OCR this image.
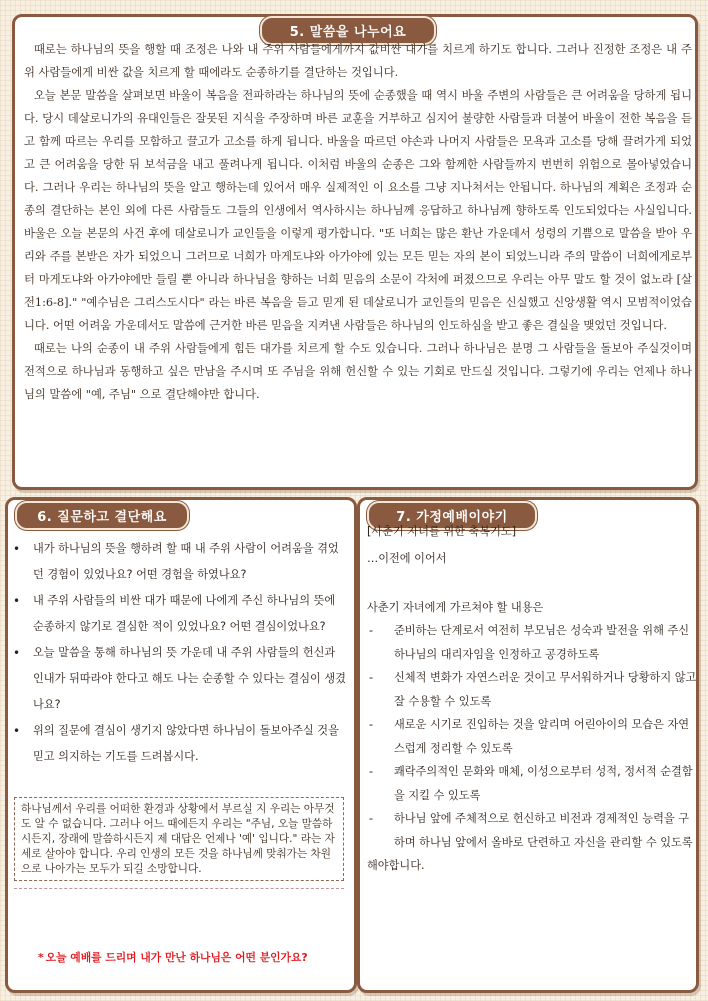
5. 말씀을 나누어요

때로는 하나님의 뜻을 행할 때 조정은 나와 내 주위 사람들에게까지 값비싼 대가를 치르게 하기도 합니다. 그러나 진정한 조정은 내 주위 사람들에게 비싼 값을 치르게 할 때에라도 순종하기를 결단하는 것입니다.

오늘 본문 말씀을 살펴보면 바울이 복음을 전파하라는 하나님의 뜻에 순종했을 때 역시 바울 주변의 사람들은 큰 어려움을 당하게 됩니다. 당시 데살로니가의 유대인들은 잘못된 지식을 주장하며 바른 교훈을 거부하고 심지어 불량한 사람들과 더불어 바울이 전한 복음을 듣고 함께 따르는 우리를 모함하고 끌고가 고소를 하게 됩니다. 바울을 따르던 야손과 나머지 사람들은 모욕과 고소를 당해 끌려가게 되었고 큰 어려움을 당한 뒤 보석금을 내고 풀려나게 됩니다. 이처럼 바울의 순종은 그와 함께한 사람들까지 번번히 위험으로 몰아넣었습니다. 그러나 우리는 하나님의 뜻을 알고 행하는데 있어서 매우 실제적인 이 요소를 그냥 지나쳐서는 안됩니다. 하나님의 계획은 조정과 순종의 결단하는 본인 외에 다른 사람들도 그들의 인생에서 역사하시는 하나님께 응답하고 하나님께 향하도록 인도되었다는 사실입니다. 바울은 오늘 본문의 사건 후에 데살로니가 교인들을 이렇게 평가합니다. "또 너희는 많은 환난 가운데서 성령의 기쁨으로 말씀을 받아 우리와 주를 본받은 자가 되었으니 그러므로 너희가 마게도냐와 아가야에 있는 모든 믿는 자의 본이 되었느니라 주의 말씀이 너희에게로부터 마게도냐와 아가야에만 들릴 뿐 아니라 하나님을 향하는 너희 믿음의 소문이 각처에 퍼졌으므로 우리는 아무 말도 할 것이 없노라 [살전1:6-8]." "예수님은 그리스도시다" 라는 바른 복음을 듣고 믿게 된 데살로니가 교인들의 믿음은 신실했고 신앙생활 역시 모범적이었습니다. 어떤 어려움 가운데서도 말씀에 근거한 바른 믿음을 지켜낸 사람들은 하나님의 인도하심을 받고 좋은 결실을 맺었던 것입니다.

때로는 나의 순종이 내 주위 사람들에게 힘든 대가를 치르게 할 수도 있습니다. 그러나 하나님은 분명 그 사람들을 돌보아 주실것이며 전적으로 하나님과 동행하고 싶은 만남을 주시며 또 주님을 위해 헌신할 수 있는 기회로 만드실 것입니다. 그렇기에 우리는 언제나 하나님의 말씀에 "예, 주님" 으로 결단해야만 합니다.

6. 질문하고 결단해요
• 내가 하나님의 뜻을 행하려 할 때 내 주위 사람이 어려움을 겪었던 경험이 있었나요? 어떤 경험을 하였나요?
• 내 주위 사람들의 비싼 대가 때문에 나에게 주신 하나님의 뜻에 순종하지 않기로 결심한 적이 있었나요? 어떤 결심이었나요?
• 오늘 말씀을 통해 하나님의 뜻 가운데 내 주위 사람들의 헌신과 인내가 뒤따라야 한다고 해도 나는 순종할 수 있다는 결심이 생겼나요?
• 위의 질문에 결심이 생기지 않았다면 하나님이 돌보아주실 것을 믿고 의지하는 기도를 드려봅시다.
하나님께서 우리를 어떠한 환경과 상황에서 부르실 지 우리는 아무것도 알 수 없습니다. 그러나 어느 때에든지 우리는 "주님, 오늘 말씀하시든지, 장래에 말씀하시든지 제 대답은 언제나 '예' 입니다." 라는 자세로 살아야 합니다. 우리 인생의 모든 것을 하나님께 맞춰가는 차원으로 나아가는 모두가 되길 소망합니다.
* 오늘 예배를 드리며 내가 만난 하나님은 어떤 분인가요?
7. 가정예배이야기
[사춘기 자녀를 위한 축복기도]
…이전에 이어서
사춘기 자녀에게 가르쳐야 할 내용은
- 준비하는 단계로서 여전히 부모님은 성숙과 발전을 위해 주신 하나님의 대리자임을 인정하고 공경하도록
- 신체적 변화가 자연스러운 것이고 무서워하거나 당황하지 않고 잘 수용할 수 있도록
- 새로운 시기로 진입하는 것을 알리며 어린아이의 모습은 자연스럽게 정리할 수 있도록
- 쾌락주의적인 문화와 매체, 이성으로부터 성적, 정서적 순결함을 지킬 수 있도록
- 하나님 앞에 주체적으로 헌신하고 비전과 경제적인 능력을 구하며 하나님 앞에서 올바로 단련하고 자신을 관리할 수 있도록
해야합니다.
